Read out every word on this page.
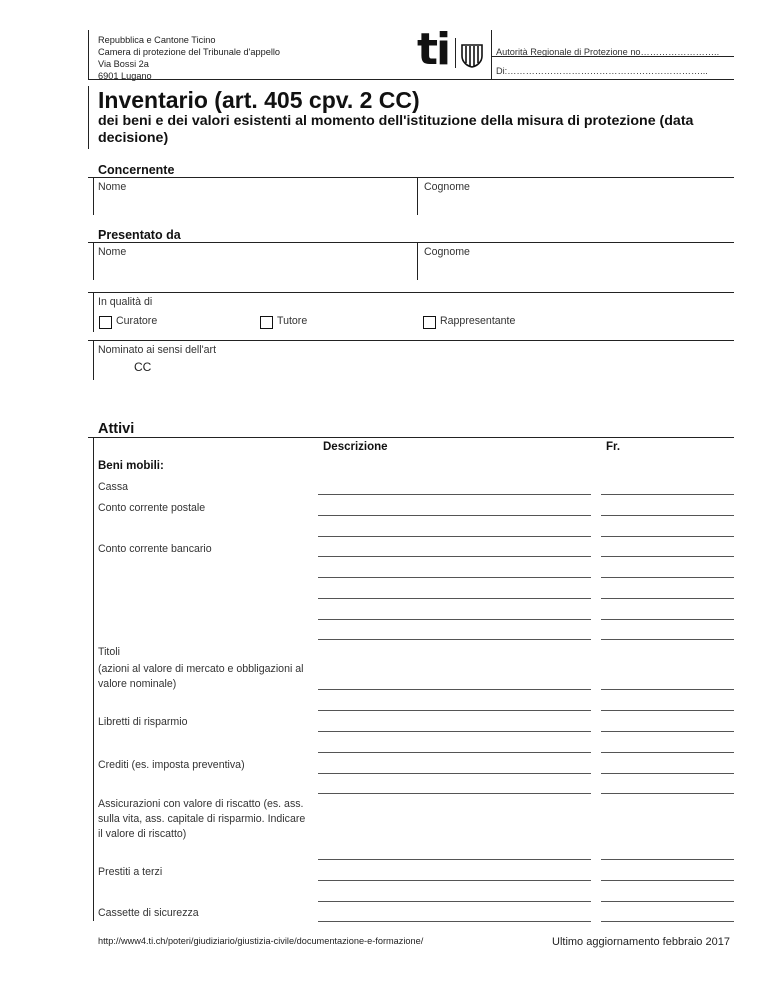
Repubblica e Cantone Ticino
Camera di protezione del Tribunale d'appello
Via Bossi 2a
6901 Lugano
ti	Autorità Regionale di Protezione no……………………..
Di:………………………………………………………...
Inventario (art. 405 cpv. 2 CC)
dei beni e dei valori esistenti al momento dell'istituzione della misura di protezione (data decisione)
Concernente
Nome	Cognome
Presentato da
Nome	Cognome
In qualità di
Curatore	Tutore	Rappresentante
Nominato ai sensi dell'art
CC
Attivi
Descrizione	Fr.
Beni mobili:
Cassa
Conto corrente postale
Conto corrente bancario
Titoli
(azioni al valore di mercato e obbligazioni al valore nominale)
Libretti di risparmio
Crediti (es. imposta preventiva)
Assicurazioni con valore di riscatto (es. ass. sulla vita, ass. capitale di risparmio. Indicare il valore di riscatto)
Prestiti a terzi
Cassette di sicurezza
http://www4.ti.ch/poteri/giudiziario/giustizia-civile/documentazione-e-formazione/	Ultimo aggiornamento febbraio 2017
